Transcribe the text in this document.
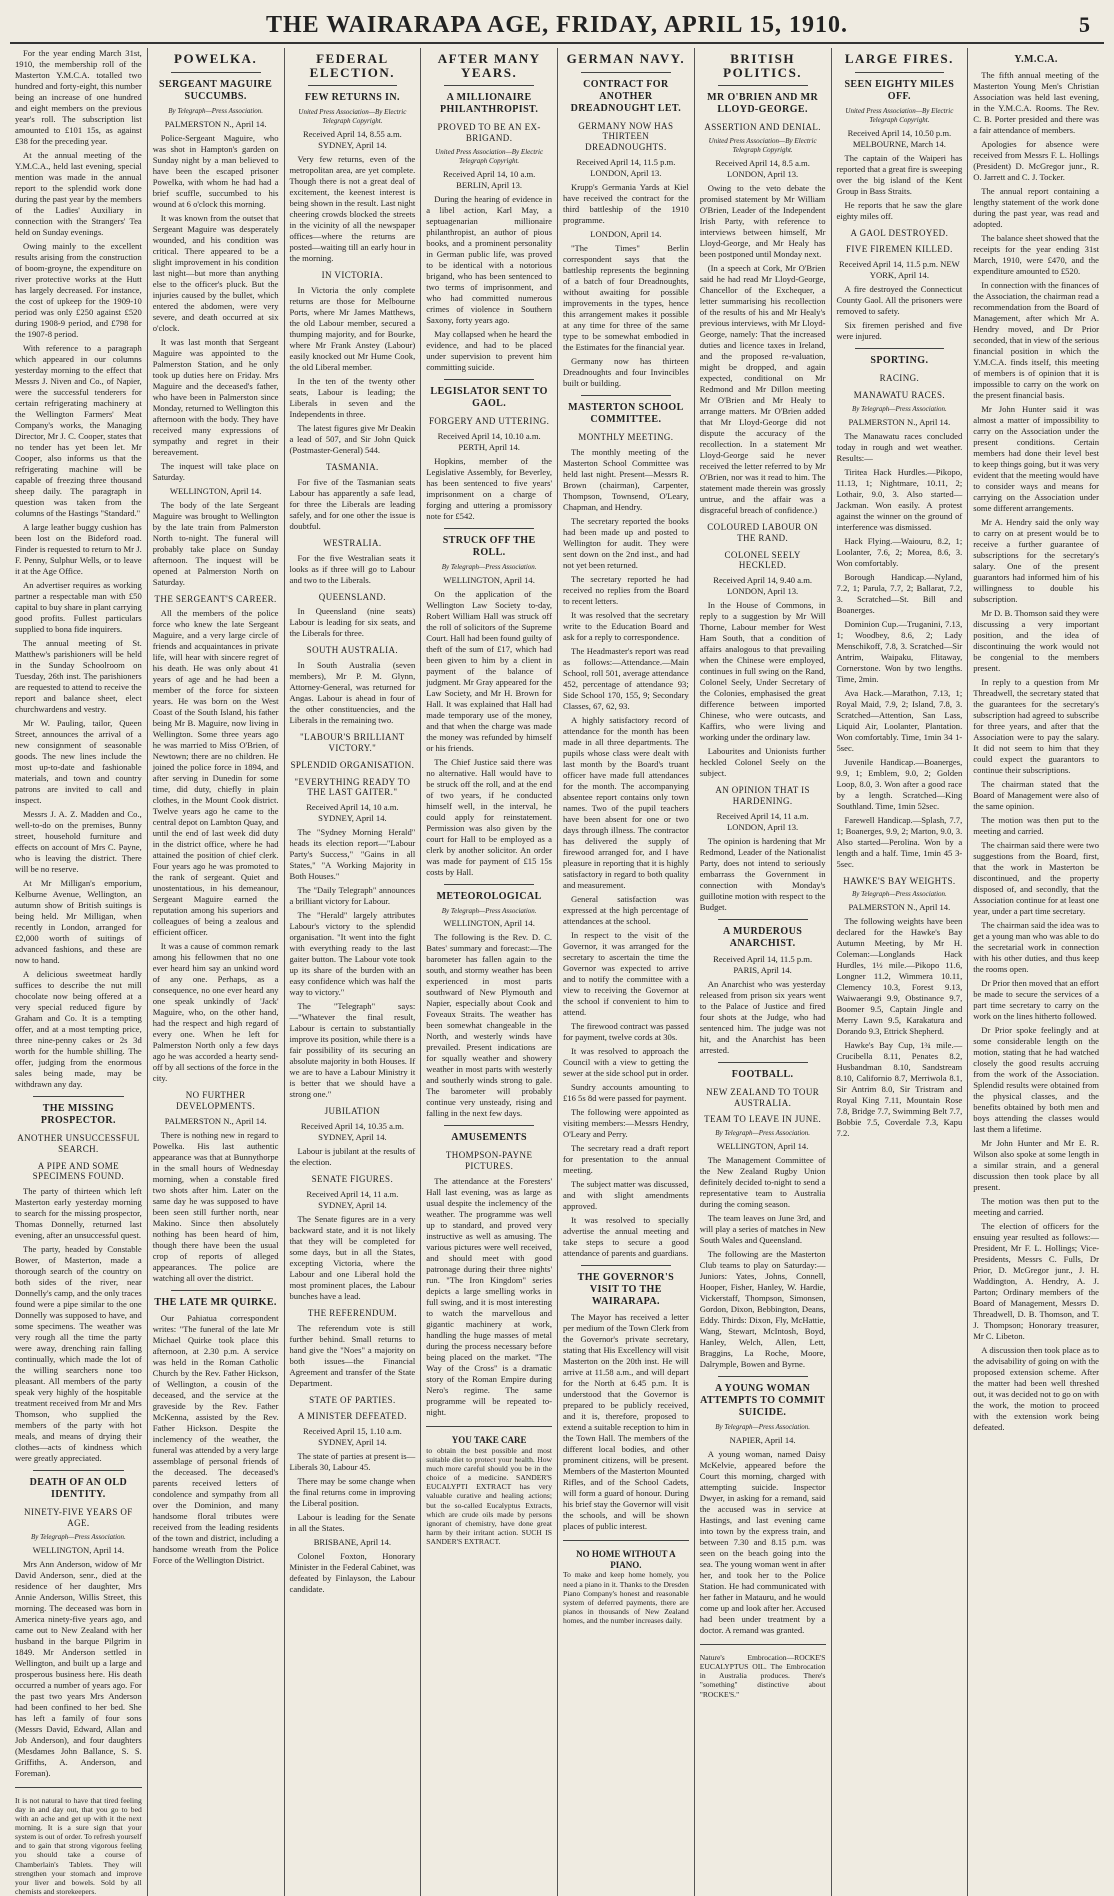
THE WAIRARAPA AGE, FRIDAY, APRIL 15, 1910.	5

For the year ending March 31st, 1910, the membership roll of the Masterton Y.M.C.A. totalled two hundred and forty-eight, this number being an increase of one hundred and eight members on the previous year's roll. The subscription list amounted to £101 15s, as against £38 for the preceding year.

At the annual meeting of the Y.M.C.A., held last evening, special mention was made in the annual report to the splendid work done during the past year by the members of the Ladies' Auxiliary in connection with the Strangers' Tea held on Sunday evenings.

Owing mainly to the excellent results arising from the construction of boom-groyne, the expenditure on river protective works at the Hutt has largely decreased. For instance, the cost of upkeep for the 1909-10 period was only £250 against £520 during 1908-9 period, and £798 for the 1907-8 period.

With reference to a paragraph which appeared in our columns yesterday morning to the effect that Messrs J. Niven and Co., of Napier, were the successful tenderers for certain refrigerating machinery at the Wellington Farmers' Meat Company's works, the Managing Director, Mr J. C. Cooper, states that no tender has yet been let. Mr Cooper, also informs us that the refrigerating machine will be capable of freezing three thousand sheep daily. The paragraph in question was taken from the columns of the Hastings "Standard."

A large leather buggy cushion has been lost on the Bideford road. Finder is requested to return to Mr J. F. Penny, Sulphur Wells, or to leave it at the Age Office.

An advertiser requires as working partner a respectable man with £50 capital to buy share in plant carrying good profits. Fullest particulars supplied to bona fide inquirers.

The annual meeting of St. Matthew's parishioners will be held in the Sunday Schoolroom on Tuesday, 26th inst. The parishioners are requested to attend to receive the report and balance sheet, elect churchwardens and vestry.

Mr W. Pauling, tailor, Queen Street, announces the arrival of a new consignment of seasonable goods. The new lines include the most up-to-date and fashionable materials, and town and country patrons are invited to call and inspect.

Messrs J. A. Z. Madden and Co., well-to-do on the premises, Bunny street, household furniture and effects on account of Mrs C. Payne, who is leaving the district. There will be no reserve.

At Mr Milligan's emporium, Kelburne Avenue, Wellington, an autumn show of British suitings is being held. Mr Milligan, when recently in London, arranged for £2,000 worth of suitings of advanced fashions, and these are now to hand.

A delicious sweetmeat hardly suffices to describe the nut mill chocolate now being offered at a very special reduced figure by Graham and Co. It is a tempting offer, and at a most tempting price, three nine-penny cakes or 2s 3d worth for the humble shilling. The offer, judging from the enormous sales being made, may be withdrawn any day.

THE MISSING PROSPECTOR.
ANOTHER UNSUCCESSFUL SEARCH.
A PIPE AND SOME SPECIMENS FOUND.

The party of thirteen which left Masterton early yesterday morning to search for the missing prospector, Thomas Donnelly, returned last evening, after an unsuccessful quest.

The party, headed by Constable Bower, of Masterton, made a thorough search of the country on both sides of the river, near Donnelly's camp, and the only traces found were a pipe similar to the one Donnelly was supposed to have, and some specimens. The weather was very rough all the time the party were away, drenching rain falling continually, which made the lot of the willing searchers none too pleasant. All members of the party speak very highly of the hospitable treatment received from Mr and Mrs Thomson, who supplied the members of the party with hot meals, and means of drying their clothes—acts of kindness which were greatly appreciated.

DEATH OF AN OLD IDENTITY.
NINETY-FIVE YEARS OF AGE.
By Telegraph—Press Association.
WELLINGTON, April 14.

Mrs Ann Anderson, widow of Mr David Anderson, senr., died at the residence of her daughter, Mrs Annie Anderson, Willis Street, this morning. The deceased was born in America ninety-five years ago, and came out to New Zealand with her husband in the barque Pilgrim in 1849. Mr Anderson settled in Wellington, and built up a large and prosperous business here. His death occurred a number of years ago. For the past two years Mrs Anderson had been confined to her bed. She has left a family of four sons (Messrs David, Edward, Allan and Job Anderson), and four daughters (Mesdames John Ballance, S. S. Griffiths, A. Anderson, and Foreman).

It is not natural to have that tired feeling day in and day out, that you go to bed with an ache and get up with it the next morning. It is a sure sign that your system is out of order. To refresh yourself and to gain that strong vigorous feeling you should take a course of Chamberlain's Tablets. They will strengthen your stomach and improve your liver and bowels. Sold by all chemists and storekeepers.
POWELKA.
SERGEANT MAGUIRE SUCCUMBS.
By Telegraph—Press Association.
PALMERSTON N., April 14.

Police-Sergeant Maguire, who was shot in Hampton's garden on Sunday night by a man believed to have been the escaped prisoner Powelka, with whom he had had a brief scuffle, succumbed to his wound at 6 o'clock this morning.

It was known from the outset that Sergeant Maguire was desperately wounded, and his condition was critical. There appeared to be a slight improvement in his condition last night—but more than anything else to the officer's pluck. But the injuries caused by the bullet, which entered the abdomen, were very severe, and death occurred at six o'clock.

It was last month that Sergeant Maguire was appointed to the Palmerston Station, and he only took up duties here on Friday. Mrs Maguire and the deceased's father, who have been in Palmerston since Monday, returned to Wellington this afternoon with the body. They have received many expressions of sympathy and regret in their bereavement.

The inquest will take place on Saturday.

WELLINGTON, April 14.

The body of the late Sergeant Maguire was brought to Wellington by the late train from Palmerston North to-night. The funeral will probably take place on Sunday afternoon. The inquest will be opened at Palmerston North on Saturday.

THE SERGEANT'S CAREER.

All the members of the police force who knew the late Sergeant Maguire, and a very large circle of friends and acquaintances in private life, will hear with sincere regret of his death. He was only about 41 years of age and he had been a member of the force for sixteen years. He was born on the West Coast of the South Island, his father being Mr B. Maguire, now living in Wellington. Some three years ago he was married to Miss O'Brien, of Newtown; there are no children. He joined the police force in 1894, and after serving in Dunedin for some time, did duty, chiefly in plain clothes, in the Mount Cook district. Twelve years ago he came to the central depot on Lambton Quay, and until the end of last week did duty in the district office, where he had attained the position of chief clerk. Four years ago he was promoted to the rank of sergeant. Quiet and unostentatious, in his demeanour, Sergeant Maguire earned the reputation among his superiors and colleagues of being a zealous and efficient officer.

It was a cause of common remark among his fellowmen that no one ever heard him say an unkind word of any one. Perhaps, as a consequence, no one ever heard any one speak unkindly of 'Jack' Maguire, who, on the other hand, had the respect and high regard of every one. When he left for Palmerston North only a few days ago he was accorded a hearty send-off by all sections of the force in the city.

NO FURTHER DEVELOPMENTS.
PALMERSTON N., April 14.

There is nothing new in regard to Powelka. His last authentic appearance was that at Bunnythorpe in the small hours of Wednesday morning, when a constable fired two shots after him. Later on the same day he was supposed to have been seen still further north, near Makino. Since then absolutely nothing has been heard of him, though there have been the usual crop of reports of alleged appearances. The police are watching all over the district.

THE LATE MR QUIRKE.

Our Pahiatua correspondent writes: "The funeral of the late Mr Michael Quirke took place this afternoon, at 2.30 p.m. A service was held in the Roman Catholic Church by the Rev. Father Hickson, of Wellington, a cousin of the deceased, and the service at the graveside by the Rev. Father McKenna, assisted by the Rev. Father Hickson. Despite the inclemency of the weather, the funeral was attended by a very large assemblage of personal friends of the deceased. The deceased's parents received letters of condolence and sympathy from all over the Dominion, and many handsome floral tributes were received from the leading residents of the town and district, including a handsome wreath from the Police Force of the Wellington District.

FEDERAL ELECTION.
FEW RETURNS IN.
United Press Association—By Electric Telegraph Copyright.
Received April 14, 8.55 a.m. SYDNEY, April 14.

Very few returns, even of the metropolitan area, are yet complete. Though there is not a great deal of excitement, the keenest interest is being shown in the result. Last night cheering crowds blocked the streets in the vicinity of all the newspaper offices—where the returns are posted—waiting till an early hour in the morning.

IN VICTORIA.

In Victoria the only complete returns are those for Melbourne Ports, where Mr James Matthews, the old Labour member, secured a thumping majority, and for Bourke, where Mr Frank Anstey (Labour) easily knocked out Mr Hume Cook, the old Liberal member.

In the ten of the twenty other seats, Labour is leading; the Liberals in seven and the Independents in three.

The latest figures give Mr Deakin a lead of 507, and Sir John Quick (Postmaster-General) 544.

TASMANIA.

For five of the Tasmanian seats Labour has apparently a safe lead, for three the Liberals are leading safely, and for one other the issue is doubtful.

WESTRALIA.

For the five Westralian seats it looks as if three will go to Labour and two to the Liberals.

QUEENSLAND.

In Queensland (nine seats) Labour is leading for six seats, and the Liberals for three.

SOUTH AUSTRALIA.

In South Australia (seven members), Mr P. M. Glynn, Attorney-General, was returned for Angas. Labour is ahead in four of the other constituencies, and the Liberals in the remaining two.

"LABOUR'S BRILLIANT VICTORY."
SPLENDID ORGANISATION.
"EVERYTHING READY TO THE LAST GAITER."
Received April 14, 10 a.m. SYDNEY, April 14.

The "Sydney Morning Herald" heads its election report—"Labour Party's Success," "Gains in all States," "A Working Majority in Both Houses."

The "Daily Telegraph" announces a brilliant victory for Labour.

The "Herald" largely attributes Labour's victory to the splendid organisation. "It went into the fight with everything ready to the last gaiter button. The Labour vote took up its share of the burden with an easy confidence which was half the way to victory."

The "Telegraph" says:—"Whatever the final result, Labour is certain to substantially improve its position, while there is a fair possibility of its securing an absolute majority in both Houses. If we are to have a Labour Ministry it is better that we should have a strong one."

JUBILATION
Received April 14, 10.35 a.m. SYDNEY, April 14.

Labour is jubilant at the results of the election.

SENATE FIGURES.
Received April 14, 11 a.m. SYDNEY, April 14.

The Senate figures are in a very backward state, and it is not likely that they will be completed for some days, but in all the States, excepting Victoria, where the Labour and one Liberal hold the most prominent places, the Labour bunches have a lead.

THE REFERENDUM.

The referendum vote is still further behind. Small returns to hand give the "Noes" a majority on both issues—the Financial Agreement and transfer of the State Department.

STATE OF PARTIES.
A MINISTER DEFEATED.
Received April 15, 1.10 a.m. SYDNEY, April 14.

The state of parties at present is—Liberals 30, Labour 45.

There may be some change when the final returns come in improving the Liberal position.

Labour is leading for the Senate in all the States.

BRISBANE, April 14.

Colonel Foxton, Honorary Minister in the Federal Cabinet, was defeated by Finlayson, the Labour candidate.

AFTER MANY YEARS.
A MILLIONAIRE PHILANTHROPIST.
PROVED TO BE AN EX-BRIGAND.
United Press Association—By Electric Telegraph Copyright.
Received April 14, 10 a.m. BERLIN, April 13.

During the hearing of evidence in a libel action, Karl May, a septuagenarian millionaire philanthropist, an author of pious books, and a prominent personality in German public life, was proved to be identical with a notorious brigand, who has been sentenced to two terms of imprisonment, and who had committed numerous crimes of violence in Southern Saxony, forty years ago.

May collapsed when he heard the evidence, and had to be placed under supervision to prevent him committing suicide.

LEGISLATOR SENT TO GAOL.
FORGERY AND UTTERING.
Received April 14, 10.10 a.m. PERTH, April 14.

Hopkins, member of the Legislative Assembly, for Beverley, has been sentenced to five years' imprisonment on a charge of forging and uttering a promissory note for £542.

STRUCK OFF THE ROLL.
By Telegraph—Press Association.
WELLINGTON, April 14.

On the application of the Wellington Law Society to-day, Robert William Hall was struck off the roll of solicitors of the Supreme Court. Hall had been found guilty of theft of the sum of £17, which had been given to him by a client in payment of the balance of judgment. Mr Gray appeared for the Law Society, and Mr H. Brown for Hall. It was explained that Hall had made temporary use of the money, and that when the charge was made the money was refunded by himself or his friends.

The Chief Justice said there was no alternative. Hall would have to be struck off the roll, and at the end of two years, if he conducted himself well, in the interval, he could apply for reinstatement. Permission was also given by the court for Hall to be employed as a clerk by another solicitor. An order was made for payment of £15 15s costs by Hall.

METEOROLOGICAL
By Telegraph—Press Association.
WELLINGTON, April 14.

The following is the Rev. D. C. Bates' summary and forecast:—The barometer has fallen again to the south, and stormy weather has been experienced in most parts southward of New Plymouth and Napier, especially about Cook and Foveaux Straits. The weather has been somewhat changeable in the North, and westerly winds have prevailed. Present indications are for squally weather and showery weather in most parts with westerly and southerly winds strong to gale. The barometer will probably continue very unsteady, rising and falling in the next few days.

AMUSEMENTS
THOMPSON-PAYNE PICTURES.

The attendance at the Foresters' Hall last evening, was as large as usual despite the inclemency of the weather. The programme was well up to standard, and proved very instructive as well as amusing. The various pictures were well received, and should meet with good patronage during their three nights' run. "The Iron Kingdom" series depicts a large smelling works in full swing, and it is most interesting to watch the marvellous and gigantic machinery at work, handling the huge masses of metal during the process necessary before being placed on the market. "The Way of the Cross" is a dramatic story of the Roman Empire during Nero's regime. The same programme will be repeated to-night.

YOU TAKE CARE
to obtain the best possible and most suitable diet to protect your health. How much more careful should you be in the choice of a medicine. SANDER'S EUCALYPTI EXTRACT has very valuable curative and healing actions; but the so-called Eucalyptus Extracts, which are crude oils made by persons ignorant of chemistry, have done great harm by their irritant action. SUCH IS SANDER'S EXTRACT.
GERMAN NAVY.
CONTRACT FOR ANOTHER DREADNOUGHT LET.
GERMANY NOW HAS THIRTEEN DREADNOUGHTS.
Received April 14, 11.5 p.m. LONDON, April 13.

Krupp's Germania Yards at Kiel have received the contract for the third battleship of the 1910 programme.

LONDON, April 14.

"The Times" Berlin correspondent says that the battleship represents the beginning of a batch of four Dreadnoughts, without awaiting for possible improvements in the types, hence this arrangement makes it possible at any time for three of the same type to be somewhat embodied in the Estimates for the financial year.

Germany now has thirteen Dreadnoughts and four Invincibles built or building.

MASTERTON SCHOOL COMMITTEE.
MONTHLY MEETING.

The monthly meeting of the Masterton School Committee was held last night. Present—Messrs R. Brown (chairman), Carpenter, Thompson, Townsend, O'Leary, Chapman, and Hendry.

The secretary reported the books had been made up and posted to Wellington for audit. They were sent down on the 2nd inst., and had not yet been returned.

The secretary reported he had received no replies from the Board to recent letters.

It was resolved that the secretary write to the Education Board and ask for a reply to correspondence.

The Headmaster's report was read as follows:—Attendance.—Main School, roll 501, average attendance 452, percentage of attendance 93; Side School 170, 155, 9; Secondary Classes, 67, 62, 93.

A highly satisfactory record of attendance for the month has been made in all three departments. The pupils whose class were dealt with last month by the Board's truant officer have made full attendances for the month. The accompanying absentee report contains only town names. Two of the pupil teachers have been absent for one or two days through illness. The contractor has delivered the supply of firewood arranged for, and I have pleasure in reporting that it is highly satisfactory in regard to both quality and measurement.

General satisfaction was expressed at the high percentage of attendances at the school.

In respect to the visit of the Governor, it was arranged for the secretary to ascertain the time the Governor was expected to arrive and to notify the committee with a view to receiving the Governor at the school if convenient to him to attend.

The firewood contract was passed for payment, twelve cords at 30s.

It was resolved to approach the Council with a view to getting the sewer at the side school put in order.

Sundry accounts amounting to £16 5s 8d were passed for payment.

The following were appointed as visiting members:—Messrs Hendry, O'Leary and Perry.

The secretary read a draft report for presentation to the annual meeting.

The subject matter was discussed, and with slight amendments approved.

It was resolved to specially advertise the annual meeting and take steps to secure a good attendance of parents and guardians.

THE GOVERNOR'S VISIT TO THE WAIRARAPA.

The Mayor has received a letter per medium of the Town Clerk from the Governor's private secretary, stating that His Excellency will visit Masterton on the 20th inst. He will arrive at 11.58 a.m., and will depart for the North at 6.45 p.m. It is understood that the Governor is prepared to be publicly received, and it is, therefore, proposed to extend a suitable reception to him in the Town Hall. The members of the different local bodies, and other prominent citizens, will be present. Members of the Masterton Mounted Rifles, and of the School Cadets, will form a guard of honour. During his brief stay the Governor will visit the schools, and will be shown places of public interest.

NO HOME WITHOUT A PIANO.
To make and keep home homely, you need a piano in it. Thanks to the Dresden Piano Company's honest and reasonable system of deferred payments, there are pianos in thousands of New Zealand homes, and the number increases daily.
BRITISH POLITICS.
MR O'BRIEN AND MR LLOYD-GEORGE.
ASSERTION AND DENIAL.
United Press Association—By Electric Telegraph Copyright.
Received April 14, 8.5 a.m. LONDON, April 13.

Owing to the veto debate the promised statement by Mr William O'Brien, Leader of the Independent Irish Party, with reference to interviews between himself, Mr Lloyd-George, and Mr Healy has been postponed until Monday next.

(In a speech at Cork, Mr O'Brien said he had read Mr Lloyd-George, Chancellor of the Exchequer, a letter summarising his recollection of the results of his and Mr Healy's previous interviews, with Mr Lloyd-George, namely: That the increased duties and licence taxes in Ireland, and the proposed re-valuation, might be dropped, and again expected, conditional on Mr Redmond and Mr Dillon meeting Mr O'Brien and Mr Healy to arrange matters. Mr O'Brien added that Mr Lloyd-George did not dispute the accuracy of the recollection. In a statement Mr Lloyd-George said he never received the letter referred to by Mr O'Brien, nor was it read to him. The statement made therein was grossly untrue, and the affair was a disgraceful breach of confidence.)

COLOURED LABOUR ON THE RAND.
COLONEL SEELY HECKLED.
Received April 14, 9.40 a.m. LONDON, April 13.

In the House of Commons, in reply to a suggestion by Mr Will Thorne, Labour member for West Ham South, that a condition of affairs analogous to that prevailing when the Chinese were employed, continues in full swing on the Rand, Colonel Seely, Under Secretary of the Colonies, emphasised the great difference between imported Chinese, who were outcasts, and Kaffirs, who were living and working under the ordinary law.

Labourites and Unionists further heckled Colonel Seely on the subject.

AN OPINION THAT IS HARDENING.
Received April 14, 11 a.m. LONDON, April 13.

The opinion is hardening that Mr Redmond, Leader of the Nationalist Party, does not intend to seriously embarrass the Government in connection with Monday's guillotine motion with respect to the Budget.

A MURDEROUS ANARCHIST.
Received April 14, 11.5 p.m. PARIS, April 14.

An Anarchist who was yesterday released from prison six years went to the Palace of Justice and fired four shots at the Judge, who had sentenced him. The judge was not hit, and the Anarchist has been arrested.

FOOTBALL.
NEW ZEALAND TO TOUR AUSTRALIA.
TEAM TO LEAVE IN JUNE.
By Telegraph—Press Association.
WELLINGTON, April 14.

The Management Committee of the New Zealand Rugby Union definitely decided to-night to send a representative team to Australia during the coming season.

The team leaves on June 3rd, and will play a series of matches in New South Wales and Queensland.

The following are the Masterton Club teams to play on Saturday:—Juniors: Yates, Johns, Connell, Hooper, Fisher, Hanley, W. Hardie, Vickerstaff, Thompson, Simonsen, Gordon, Dixon, Bebbington, Deans, Eddy. Thirds: Dixon, Fly, McHattie, Wang, Stewart, McIntosh, Boyd, Hanley, Welch, Allen, Lett, Braggins, La Roche, Moore, Dalrymple, Bowen and Byrne.

A YOUNG WOMAN ATTEMPTS TO COMMIT SUICIDE.
By Telegraph—Press Association.
NAPIER, April 14.

A young woman, named Daisy McKelvie, appeared before the Court this morning, charged with attempting suicide. Inspector Dwyer, in asking for a remand, said the accused was in service at Hastings, and last evening came into town by the express train, and between 7.30 and 8.15 p.m. was seen on the beach going into the sea. The young woman went in after her, and took her to the Police Station. He had communicated with her father in Matauru, and he would come up and look after her. Accused had been under treatment by a doctor. A remand was granted.

Nature's Embrocation—ROCKE'S EUCALYPTUS OIL. The Embrocation in Australia produces. There's "something" distinctive about "ROCKE'S."
LARGE FIRES.
SEEN EIGHTY MILES OFF.
United Press Association—By Electric Telegraph Copyright.
Received April 14, 10.50 p.m. MELBOURNE, March 14.

The captain of the Waiperi has reported that a great fire is sweeping over the big island of the Kent Group in Bass Straits.

He reports that he saw the glare eighty miles off.

A GAOL DESTROYED.
FIVE FIREMEN KILLED.
Received April 14, 11.5 p.m. NEW YORK, April 14.

A fire destroyed the Connecticut County Gaol. All the prisoners were removed to safety.

Six firemen perished and five were injured.

SPORTING.
RACING.
MANAWATU RACES.
By Telegraph—Press Association.
PALMERSTON N., April 14.

The Manawatu races concluded today in rough and wet weather. Results:—

Tiritea Hack Hurdles.—Pikopo, 11.13, 1; Nightmare, 10.11, 2; Lothair, 9.0, 3. Also started—Jackman. Won easily. A protest against the winner on the ground of interference was dismissed.

Hack Flying.—Waiouru, 8.2, 1; Loolanter, 7.6, 2; Morea, 8.6, 3. Won comfortably.

Borough Handicap.—Nyland, 7.2, 1; Parula, 7.7, 2; Ballarat, 7.2, 3. Scratched—St. Bill and Boanerges.

Dominion Cup.—Truganini, 7.13, 1; Woodbey, 8.6, 2; Lady Menschikoff, 7.8, 3. Scratched—Sir Antrim, Waipaku, Flitaway, Cornerstone. Won by two lengths. Time, 2min.

Ava Hack.—Marathon, 7.13, 1; Royal Maid, 7.9, 2; Island, 7.8, 3. Scratched—Attention, San Lass, Liquid Air, Loolanter, Plantation. Won comfortably. Time, 1min 34 1-5sec.

Juvenile Handicap.—Boanerges, 9.9, 1; Emblem, 9.0, 2; Golden Loop, 8.0, 3. Won after a good race by a length. Scratched—King Southland. Time, 1min 52sec.

Farewell Handicap.—Splash, 7.7, 1; Boanerges, 9.9, 2; Marton, 9.0, 3. Also started—Perolina. Won by a length and a half. Time, 1min 45 3-5sec.

HAWKE'S BAY WEIGHTS.
By Telegraph—Press Association.
PALMERSTON N., April 14.

The following weights have been declared for the Hawke's Bay Autumn Meeting, by Mr H. Coleman:—Longlands Hack Hurdles, 1½ mile.—Pikopo 11.6, Longner 11.2, Wimmera 10.11, Clemency 10.3, Forest 9.13, Waiwaerangi 9.9, Obstinance 9.7, Boomer 9.5, Captain Jingle and Merry Lawn 9.5, Karakatura and Dorando 9.3, Ettrick Shepherd.

Hawke's Bay Cup, 1¾ mile.—Crucibella 8.11, Penates 8.2, Husbandman 8.10, Sandstream 8.10, Californio 8.7, Merriwola 8.1, Sir Antrim 8.0, Sir Tristram and Royal King 7.11, Mountain Rose 7.8, Bridge 7.7, Swimming Belt 7.7, Bobbie 7.5, Coverdale 7.3, Kapu 7.2.

Y.M.C.A.

The fifth annual meeting of the Masterton Young Men's Christian Association was held last evening, in the Y.M.C.A. Rooms. The Rev. C. B. Porter presided and there was a fair attendance of members.

Apologies for absence were received from Messrs F. L. Hollings (President) D. McGregor junr., R. O. Jarrett and C. J. Tocker.

The annual report containing a lengthy statement of the work done during the past year, was read and adopted.

The balance sheet showed that the receipts for the year ending 31st March, 1910, were £470, and the expenditure amounted to £520.

In connection with the finances of the Association, the chairman read a recommendation from the Board of Management, after which Mr A. Hendry moved, and Dr Prior seconded, that in view of the serious financial position in which the Y.M.C.A. finds itself, this meeting of members is of opinion that it is impossible to carry on the work on the present financial basis.

Mr John Hunter said it was almost a matter of impossibility to carry on the Association under the present conditions. Certain members had done their level best to keep things going, but it was very evident that the meeting would have to consider ways and means for carrying on the Association under some different arrangements.

Mr A. Hendry said the only way to carry on at present would be to receive a further guarantee of subscriptions for the secretary's salary. One of the present guarantors had informed him of his willingness to double his subscription.

Mr D. B. Thomson said they were discussing a very important position, and the idea of discontinuing the work would not be congenial to the members present.

In reply to a question from Mr Threadwell, the secretary stated that the guarantees for the secretary's subscription had agreed to subscribe for three years, and after that the Association were to pay the salary. It did not seem to him that they could expect the guarantors to continue their subscriptions.

The chairman stated that the Board of Management were also of the same opinion.

The motion was then put to the meeting and carried.

The chairman said there were two suggestions from the Board, first, that the work in Masterton be discontinued, and the property disposed of, and secondly, that the Association continue for at least one year, under a part time secretary.

The chairman said the idea was to get a young man who was able to do the secretarial work in connection with his other duties, and thus keep the rooms open.

Dr Prior then moved that an effort be made to secure the services of a part time secretary to carry on the work on the lines hitherto followed.

Dr Prior spoke feelingly and at some considerable length on the motion, stating that he had watched closely the good results accruing from the work of the Association. Splendid results were obtained from the physical classes, and the benefits obtained by both men and boys attending the classes would last them a lifetime.

Mr John Hunter and Mr E. R. Wilson also spoke at some length in a similar strain, and a general discussion then took place by all present.

The motion was then put to the meeting and carried.

The election of officers for the ensuing year resulted as follows:—President, Mr F. L. Hollings; Vice-Presidents, Messrs C. Fulls, Dr Prior, D. McGregor junr., J. H. Waddington, A. Hendry, A. J. Parton; Ordinary members of the Board of Management, Messrs D. Threadwell, D. B. Thomson, and T. J. Thompson; Honorary treasurer, Mr C. Libeton.

A discussion then took place as to the advisability of going on with the proposed extension scheme. After the matter had been well threshed out, it was decided not to go on with the work, the motion to proceed with the extension work being defeated.
